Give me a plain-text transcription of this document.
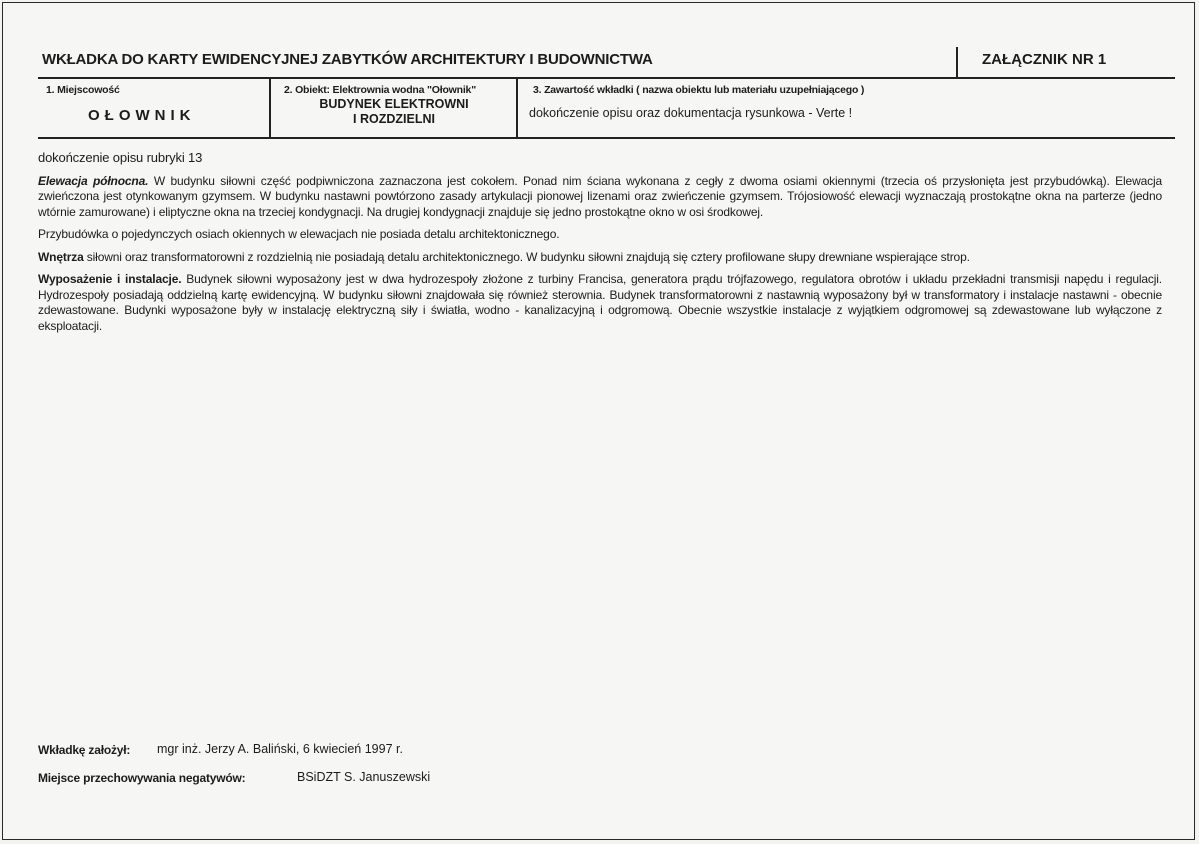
WKŁADKA DO KARTY EWIDENCYJNEJ ZABYTKÓW ARCHITEKTURY I BUDOWNICTWA	ZAŁĄCZNIK NR 1
1. Miejscowość
OŁOWNIK
2. Obiekt: Elektrownia wodna "Ołownik"
BUDYNEK ELEKTROWNI
I ROZDZIELNI
3. Zawartość wkładki ( nazwa obiektu lub materiału uzupełniającego )
dokończenie opisu oraz dokumentacja rysunkowa - Verte !

dokończenie opisu rubryki 13

Elewacja północna. W budynku siłowni część podpiwniczona zaznaczona jest cokołem. Ponad nim ściana wykonana z cegły z dwoma osiami okiennymi (trzecia oś przysłonięta jest przybudówką). Elewacja zwieńczona jest otynkowanym gzymsem. W budynku nastawni powtórzono zasady artykulacji pionowej lizenami oraz zwieńczenie gzymsem. Trójosiowość elewacji wyznaczają prostokątne okna na parterze (jedno wtórnie zamurowane) i eliptyczne okna na trzeciej kondygnacji. Na drugiej kondygnacji znajduje się jedno prostokątne okno w osi środkowej.

Przybudówka o pojedynczych osiach okiennych w elewacjach nie posiada detalu architektonicznego.

Wnętrza siłowni oraz transformatorowni z rozdzielnią nie posiadają detalu architektonicznego. W budynku siłowni znajdują się cztery profilowane słupy drewniane wspierające strop.

Wyposażenie i instalacje. Budynek siłowni wyposażony jest w dwa hydrozespoły złożone z turbiny Francisa, generatora prądu trójfazowego, regulatora obrotów i układu przekładni transmisji napędu i regulacji. Hydrozespoły posiadają oddzielną kartę ewidencyjną. W budynku siłowni znajdowała się również sterownia. Budynek transformatorowni z nastawnią wyposażony był w transformatory i instalacje nastawni - obecnie zdewastowane. Budynki wyposażone były w instalację elektryczną siły i światła, wodno - kanalizacyjną i odgromową. Obecnie wszystkie instalacje z wyjątkiem odgromowej są zdewastowane lub wyłączone z eksploatacji.

Wkładkę założył: mgr inż. Jerzy A. Baliński, 6 kwiecień 1997 r.
Miejsce przechowywania negatywów:	BSiDZT S. Januszewski
